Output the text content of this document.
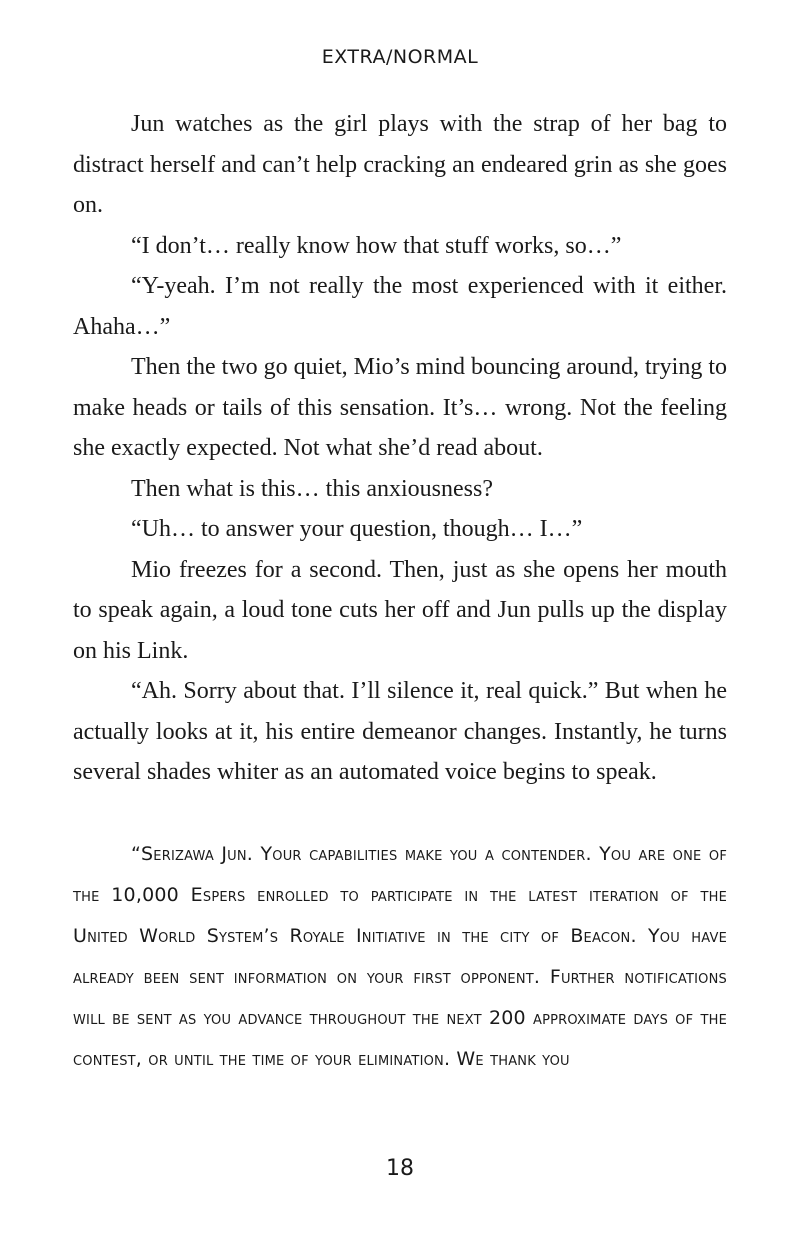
EXTRA/NORMAL

Jun watches as the girl plays with the strap of her bag to distract herself and can’t help cracking an endeared grin as she goes on.

“I don’t… really know how that stuff works, so…”

“Y-yeah. I’m not really the most experienced with it either. Ahaha…”

Then the two go quiet, Mio’s mind bouncing around, trying to make heads or tails of this sensation. It’s… wrong. Not the feeling she exactly expected. Not what she’d read about.

Then what is this… this anxiousness?

“Uh… to answer your question, though… I…”

Mio freezes for a second. Then, just as she opens her mouth to speak again, a loud tone cuts her off and Jun pulls up the display on his Link.

“Ah. Sorry about that. I’ll silence it, real quick.” But when he actually looks at it, his entire demeanor changes. Instantly, he turns several shades whiter as an automated voice begins to speak.

“Serizawa Jun. Your capabilities make you a contender. You are one of the 10,000 Espers enrolled to participate in the latest iteration of the United World System’s Royale Initiative in the city of Beacon. You have already been sent information on your first opponent. Further notifications will be sent as you advance throughout the next 200 approximate days of the contest, or until the time of your elimination. We thank you

18
